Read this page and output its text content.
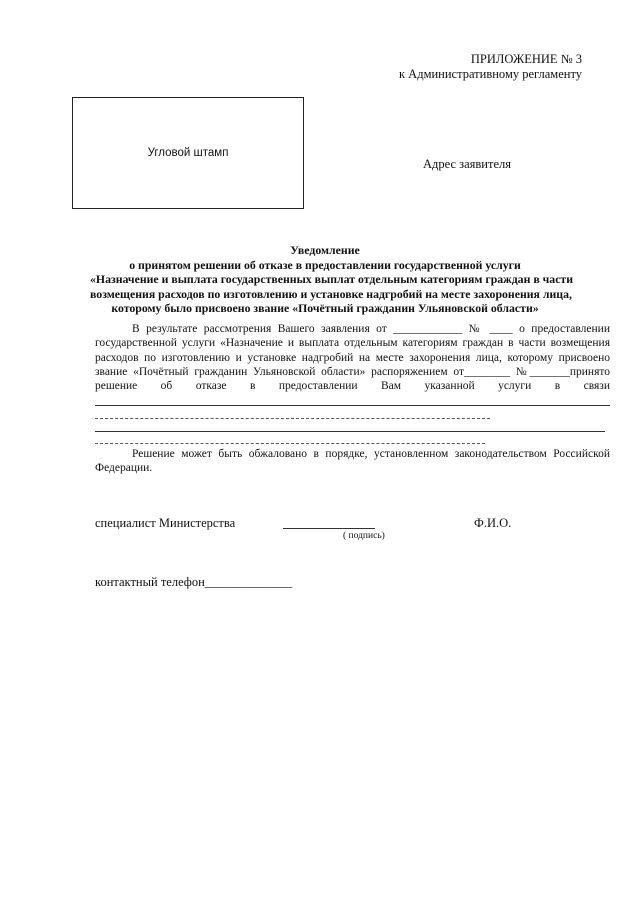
ПРИЛОЖЕНИЕ № 3
к Административному регламенту
Угловой штамп
Адрес заявителя
Уведомление
о принятом решении об отказе в предоставлении государственной услуги
«Назначение и выплата государственных выплат отдельным категориям граждан в части
возмещения расходов по изготовлению и установке надгробий на месте захоронения лица,
которому было присвоено звание «Почётный гражданин Ульяновской области»
В результате рассмотрения Вашего заявления от ____________ № ____ о предоставлении
государственной услуги «Назначение и выплата отдельным категориям граждан в части возмещения
расходов по изготовлению и установке надгробий на месте захоронения лица, которому присвоено
звание «Почётный гражданин Ульяновской области» распоряжением от________ №_______принято
решение об отказе в предоставлении Вам указанной услуги в связи
Решение может быть обжаловано в порядке, установленном законодательством Российской
Федерации.
специалист Министерства
( подпись)
Ф.И.О.
контактный телефон______________
